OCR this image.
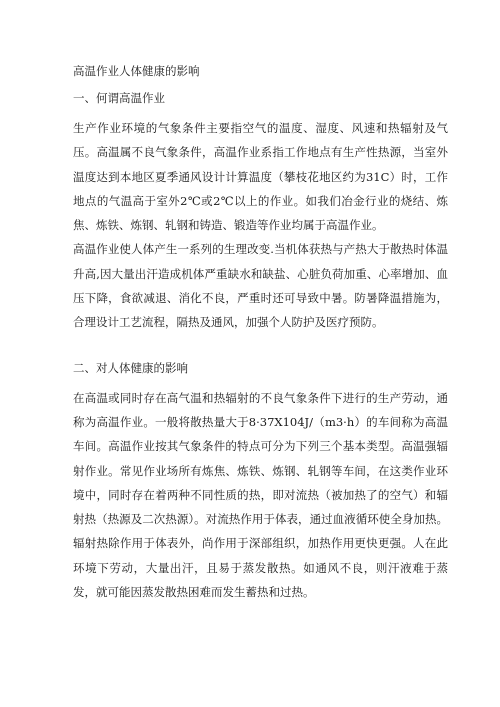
高温作业人体健康的影响
一、何谓高温作业

生产作业环境的气象条件主要指空气的温度、湿度、风速和热辐射及气压。高温属不良气象条件，高温作业系指工作地点有生产性热源，当室外温度达到本地区夏季通风设计计算温度（攀枝花地区约为31C）时，工作地点的气温高于室外2℃或2℃以上的作业。如我们冶金行业的烧结、炼焦、炼铁、炼钢、轧钢和铸造、锻造等作业均属于高温作业。

高温作业使人体产生一系列的生理改变.当机体获热与产热大于散热时体温升高,因大量出汗造成机体严重缺水和缺盐、心脏负荷加重、心率增加、血压下降，食欲减退、消化不良，严重时还可导致中暑。防暑降温措施为，合理设计工艺流程，隔热及通风，加强个人防护及医疗预防。

二、对人体健康的影响

在高温或同时存在高气温和热辐射的不良气象条件下进行的生产劳动，通称为高温作业。一般将散热量大于8·37X104J/（m3·h）的车间称为高温车间。高温作业按其气象条件的特点可分为下列三个基本类型。高温强辐射作业。常见作业场所有炼焦、炼铁、炼钢、轧钢等车间，在这类作业环境中，同时存在着两种不同性质的热，即对流热（被加热了的空气）和辐射热（热源及二次热源）。对流热作用于体表，通过血液循环使全身加热。辐射热除作用于体表外，尚作用于深部组织，加热作用更快更强。人在此环境下劳动，大量出汗，且易于蒸发散热。如通风不良，则汗液难于蒸发，就可能因蒸发散热困难而发生蓄热和过热。
